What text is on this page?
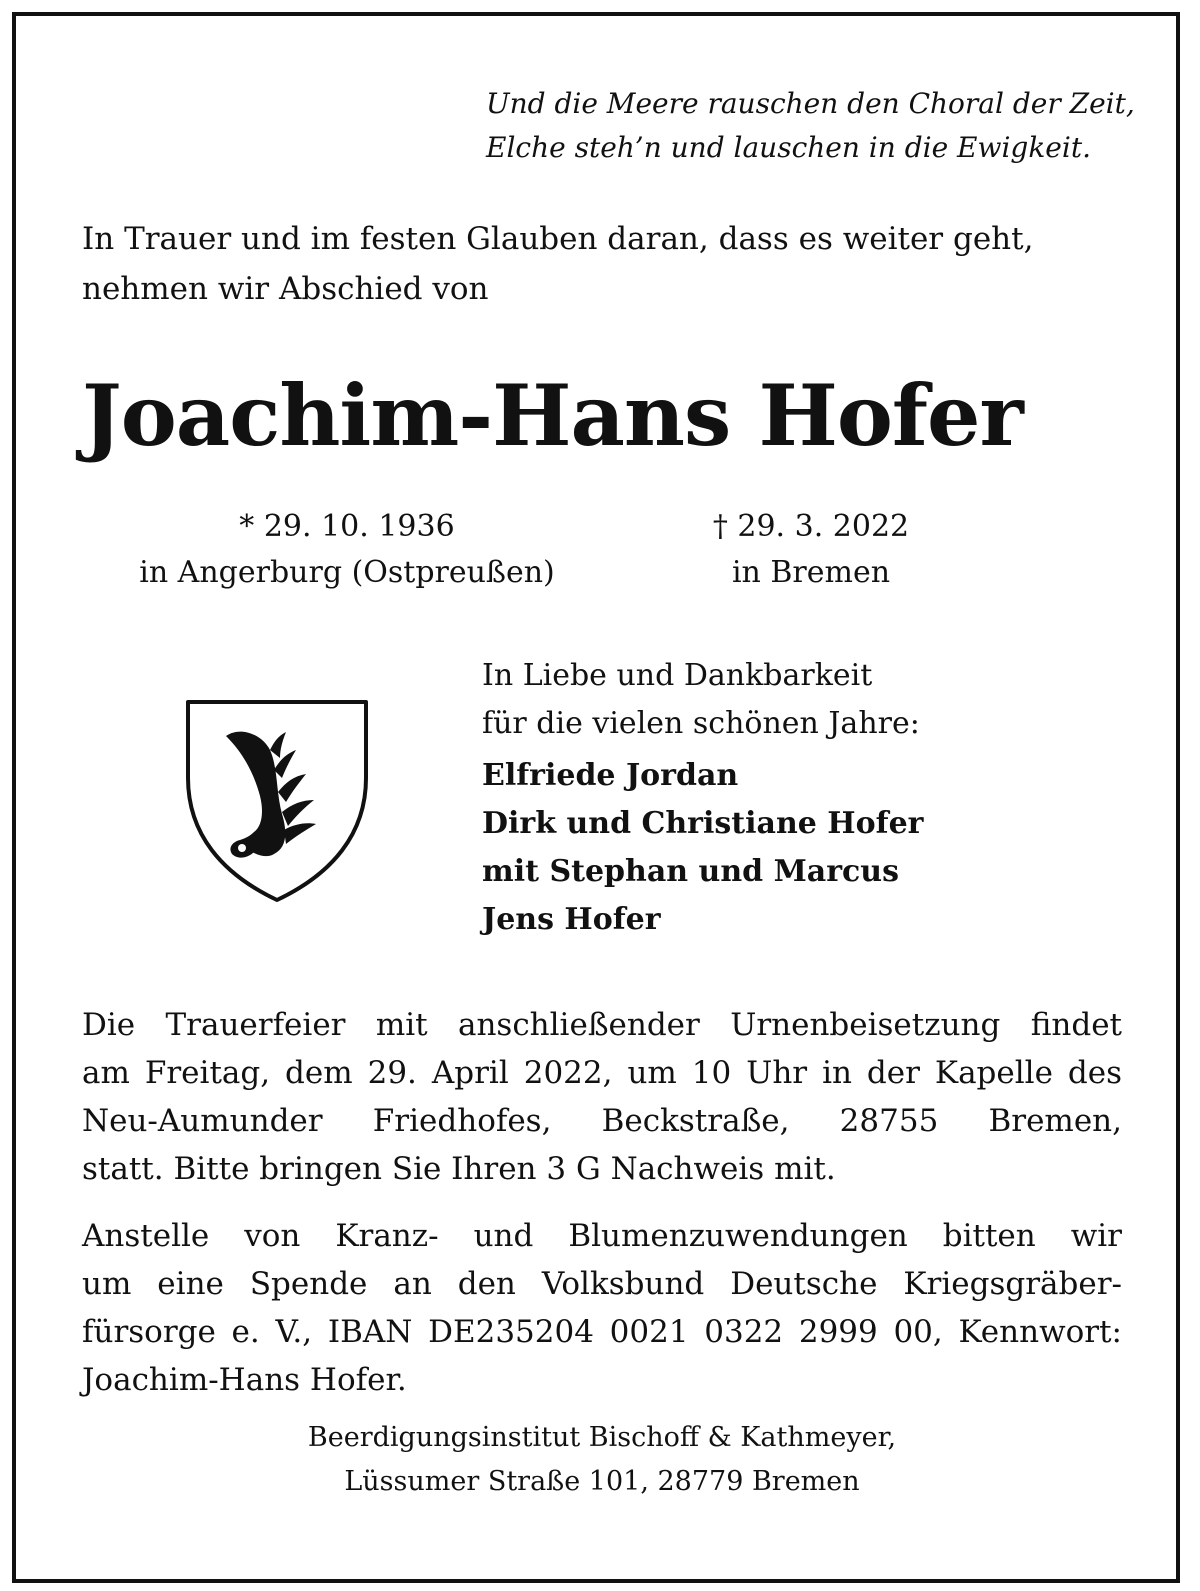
Und die Meere rauschen den Choral der Zeit,
Elche steh’n und lauschen in die Ewigkeit.
In Trauer und im festen Glauben daran, dass es weiter geht,
nehmen wir Abschied von
Joachim-Hans Hofer
* 29. 10. 1936
in Angerburg (Ostpreußen)
† 29. 3. 2022
in Bremen
In Liebe und Dankbarkeit
für die vielen schönen Jahre:
Elfriede Jordan
Dirk und Christiane Hofer
mit Stephan und Marcus
Jens Hofer
Die Trauerfeier mit anschließender Urnenbeisetzung findet
am Freitag, dem 29. April 2022, um 10 Uhr in der Kapelle des
Neu-Aumunder Friedhofes, Beckstraße, 28755 Bremen,
statt. Bitte bringen Sie Ihren 3 G Nachweis mit.
Anstelle von Kranz- und Blumenzuwendungen bitten wir
um eine Spende an den Volksbund Deutsche Kriegsgräber-
fürsorge e. V., IBAN DE235204 0021 0322 2999 00, Kennwort:
Joachim-Hans Hofer.
Beerdigungsinstitut Bischoff & Kathmeyer,
Lüssumer Straße 101, 28779 Bremen
